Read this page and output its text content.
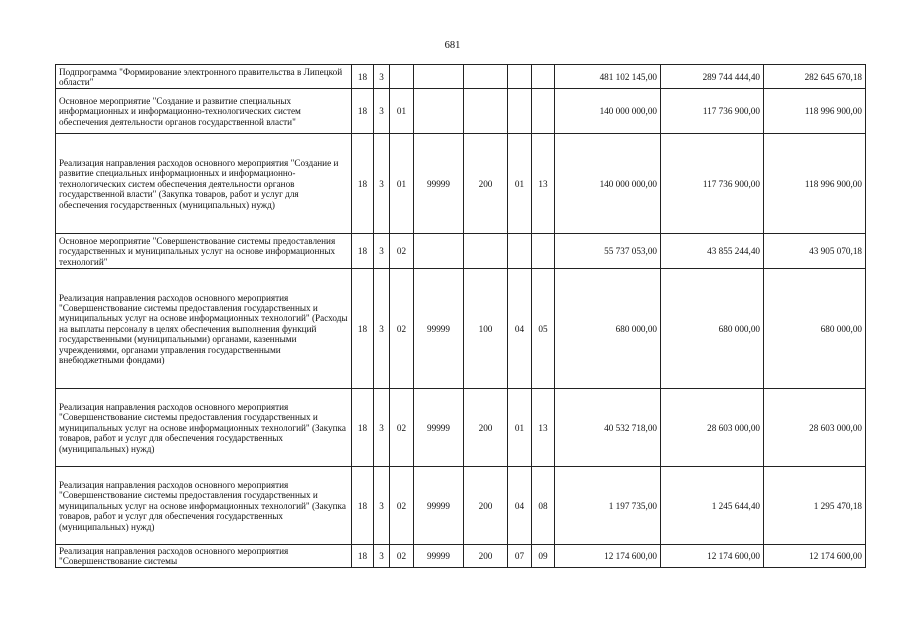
681
Подпрограмма "Формирование электронного правительства в Липецкой области"	18	3						481 102 145,00	289 744 444,40	282 645 670,18
Основное мероприятие "Создание и развитие специальных информационных и информационно-технологических систем обеспечения деятельности органов государственной власти"	18	3	01					140 000 000,00	117 736 900,00	118 996 900,00
Реализация направления расходов основного мероприятия "Создание и развитие специальных информационных и информационно-технологических систем обеспечения деятельности органов государственной власти" (Закупка товаров, работ и услуг для обеспечения государственных (муниципальных) нужд)	18	3	01	99999	200	01	13	140 000 000,00	117 736 900,00	118 996 900,00
Основное мероприятие "Совершенствование системы предоставления государственных и муниципальных услуг на основе информационных технологий"	18	3	02					55 737 053,00	43 855 244,40	43 905 070,18
Реализация направления расходов основного мероприятия "Совершенствование системы предоставления государственных и муниципальных услуг на основе информационных технологий" (Расходы на выплаты персоналу в целях обеспечения выполнения функций государственными (муниципальными) органами, казенными учреждениями, органами управления государственными внебюджетными фондами)	18	3	02	99999	100	04	05	680 000,00	680 000,00	680 000,00
Реализация направления расходов основного мероприятия "Совершенствование системы предоставления государственных и муниципальных услуг на основе информационных технологий" (Закупка товаров, работ и услуг для обеспечения государственных (муниципальных) нужд)	18	3	02	99999	200	01	13	40 532 718,00	28 603 000,00	28 603 000,00
Реализация направления расходов основного мероприятия "Совершенствование системы предоставления государственных и муниципальных услуг на основе информационных технологий" (Закупка товаров, работ и услуг для обеспечения государственных (муниципальных) нужд)	18	3	02	99999	200	04	08	1 197 735,00	1 245 644,40	1 295 470,18
Реализация направления расходов основного мероприятия "Совершенствование системы	18	3	02	99999	200	07	09	12 174 600,00	12 174 600,00	12 174 600,00
